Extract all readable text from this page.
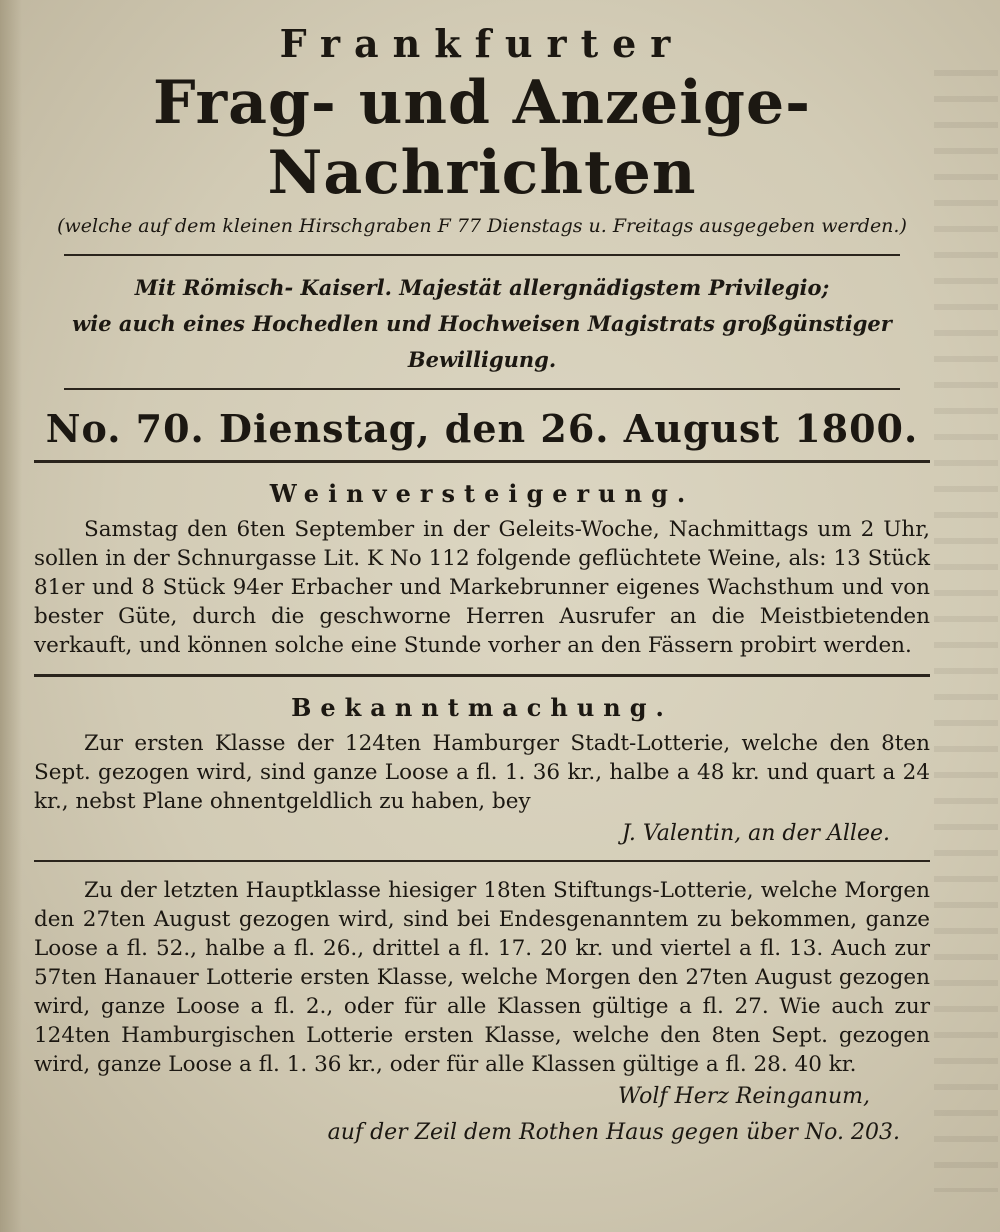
Frankfurter
Frag- und Anzeige-Nachrichten
(welche auf dem kleinen Hirschgraben F 77 Dienstags u. Freitags ausgegeben werden.)
Mit Römisch- Kaiserl. Majestät allergnädigstem Privilegio;
wie auch eines Hochedlen und Hochweisen Magistrats großgünstiger Bewilligung.
No. 70. Dienstag, den 26. August 1800.
Weinversteigerung.

Samstag den 6ten September in der Geleits-Woche, Nachmittags um 2 Uhr, sollen in der Schnurgasse Lit. K No 112 folgende geflüchtete Weine, als: 13 Stück 81er und 8 Stück 94er Erbacher und Markebrunner eigenes Wachsthum und von bester Güte, durch die geschworne Herren Ausrufer an die Meistbietenden verkauft, und können solche eine Stunde vorher an den Fässern probirt werden.

Bekanntmachung.

Zur ersten Klasse der 124ten Hamburger Stadt-Lotterie, welche den 8ten Sept. gezogen wird, sind ganze Loose a fl. 1. 36 kr., halbe a 48 kr. und quart a 24 kr., nebst Plane ohnentgeldlich zu haben, bey

J. Valentin, an der Allee.

Zu der letzten Hauptklasse hiesiger 18ten Stiftungs-Lotterie, welche Morgen den 27ten August gezogen wird, sind bei Endesgenanntem zu bekommen, ganze Loose a fl. 52., halbe a fl. 26., drittel a fl. 17. 20 kr. und viertel a fl. 13. Auch zur 57ten Hanauer Lotterie ersten Klasse, welche Morgen den 27ten August gezogen wird, ganze Loose a fl. 2., oder für alle Klassen gültige a fl. 27. Wie auch zur 124ten Hamburgischen Lotterie ersten Klasse, welche den 8ten Sept. gezogen wird, ganze Loose a fl. 1. 36 kr., oder für alle Klassen gültige a fl. 28. 40 kr.

Wolf Herz Reinganum,
auf der Zeil dem Rothen Haus gegen über No. 203.
